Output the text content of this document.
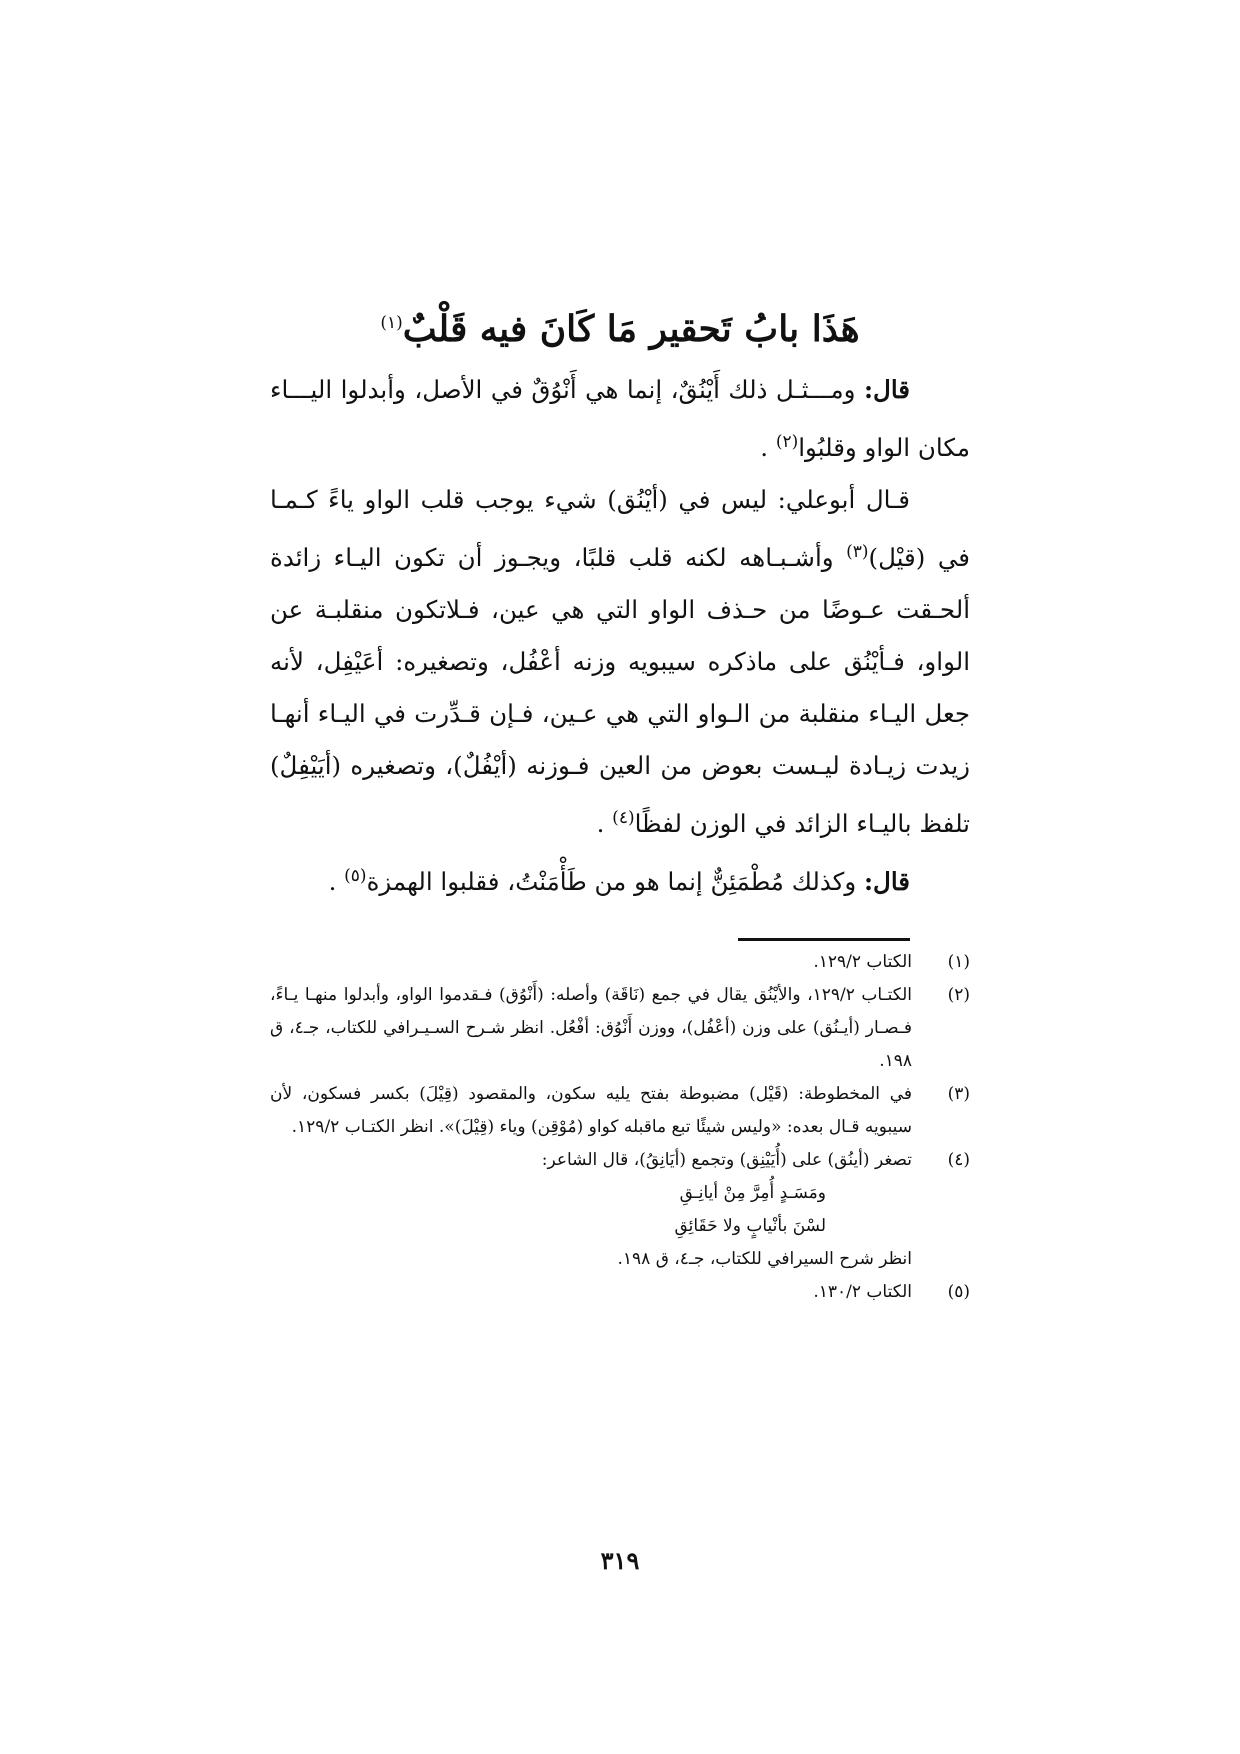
هَذَا بابُ تَحقير مَا كَانَ فيه قَلْبٌ$^{(١)}$

قال: ومـــثـل ذلك أَيْنُقٌ، إنما هي أَنْوُقٌ في الأصل، وأبدلوا اليـــاء مكان الواو وقلبُوا$^{(٢)}$ .

قـال أبوعلي: ليس في (أيْنُق) شيء يوجب قلب الواو ياءً كـمـا في (قيْل)$^{(٣)}$ وأشـبـاهه لكنه قلب قلبًا، ويجـوز أن تكون اليـاء زائدة ألحـقت عـوضًا من حـذف الواو التي هي عين، فـلاتكون منقلبـة عن الواو، فـأيْنُق على ماذكره سيبويه وزنه أعْفُل، وتصغيره: أعَيْفِل، لأنه جعل اليـاء منقلبة من الـواو التي هي عـين، فـإن قـدِّرت في اليـاء أنهـا زيدت زيـادة ليـست بعوض من العين فـوزنه (أيْفُلٌ)، وتصغيره (أيَيْفِلٌ) تلفظ باليـاء الزائد في الوزن لفظًا$^{(٤)}$ .

قال: وكذلك مُطْمَئِنٌّ إنما هو من طَأْمَنْتُ، فقلبوا الهمزة$^{(٥)}$ .

(١)
الكتاب ١٢٩/٢.
(٢)
الكتـاب ١٢٩/٢، والأيْنُق يقال في جمع (نَاقَة) وأصله: (أَنْوُق) فـقدموا الواو، وأبدلوا منهـا يـاءً، فـصـار (أيـنُق) على وزن (أعْفُل)، ووزن أَنْوُق: أفْعُل. انظر شـرح السـيـرافي للكتاب، جـ٤، ق ١٩٨.
(٣)
في المخطوطة: (قَيْل) مضبوطة بفتح يليه سكون، والمقصود (قِيْلَ) بكسر فسكون، لأن سيبويه قـال بعده: «وليس شيئًا تبع ماقبله كواو (مُوْقِن) وياء (قِيْلَ)». انظر الكتـاب ١٢٩/٢.
(٤)

تصغر (أينُق) على (أُيَيْنِق) وتجمع (أيَانِقُ)، قال الشاعر:

ومَسَـدٍ أُمِرَّ مِنْ أيانِـقِ

لسْنَ بأنْيابٍ ولا حَقَائِقِ

انظر شرح السيرافي للكتاب، جـ٤، ق ١٩٨.

(٥)
الكتاب ١٣٠/٢.
٣١٩
